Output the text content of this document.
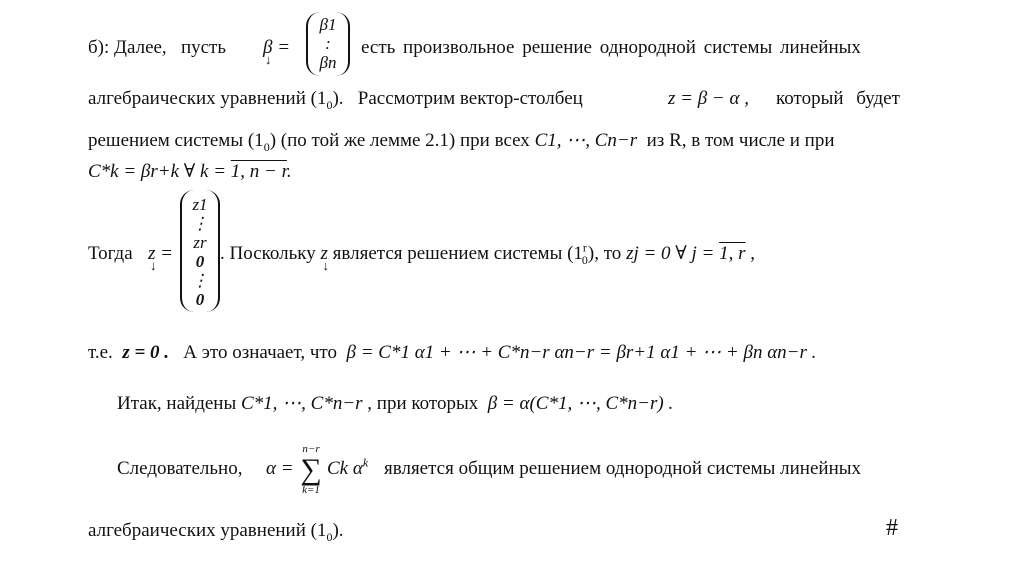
б): Далее, пусть β = ↓
β1
:
βn
есть произвольное решение однородной системы линейных
алгебраических уравнений $(1_0)$. Рассмотрим вектор-столбец	z = β − α , который будет
решением системы $(1_0)$ (по той же лемме 2.1) при всех C1, ⋯, Cn−r из R, в том числе и при
C*k = βr+k ∀ k = 1, n − r.
Тогда z = ↓
z1
⋮
zr
0
⋮
0
. Поскольку z ↓ является решением системы $(1^r_0)$, то zj = 0 ∀ j = 1, r ,
т.е. z = 0 . А это означает, что β = C*1 α1 + ⋯ + C*n−r αn−r = βr+1 α1 + ⋯ + βn αn−r .
Итак, найдены C*1, ⋯, C*n−r , при которых β = α(C*1, ⋯, C*n−r) .
Следовательно, α =
n−r
∑
k=1
Ck $\alpha^k$ является общим решением однородной системы линейных
алгебраических уравнений $(1_0)$.	#
